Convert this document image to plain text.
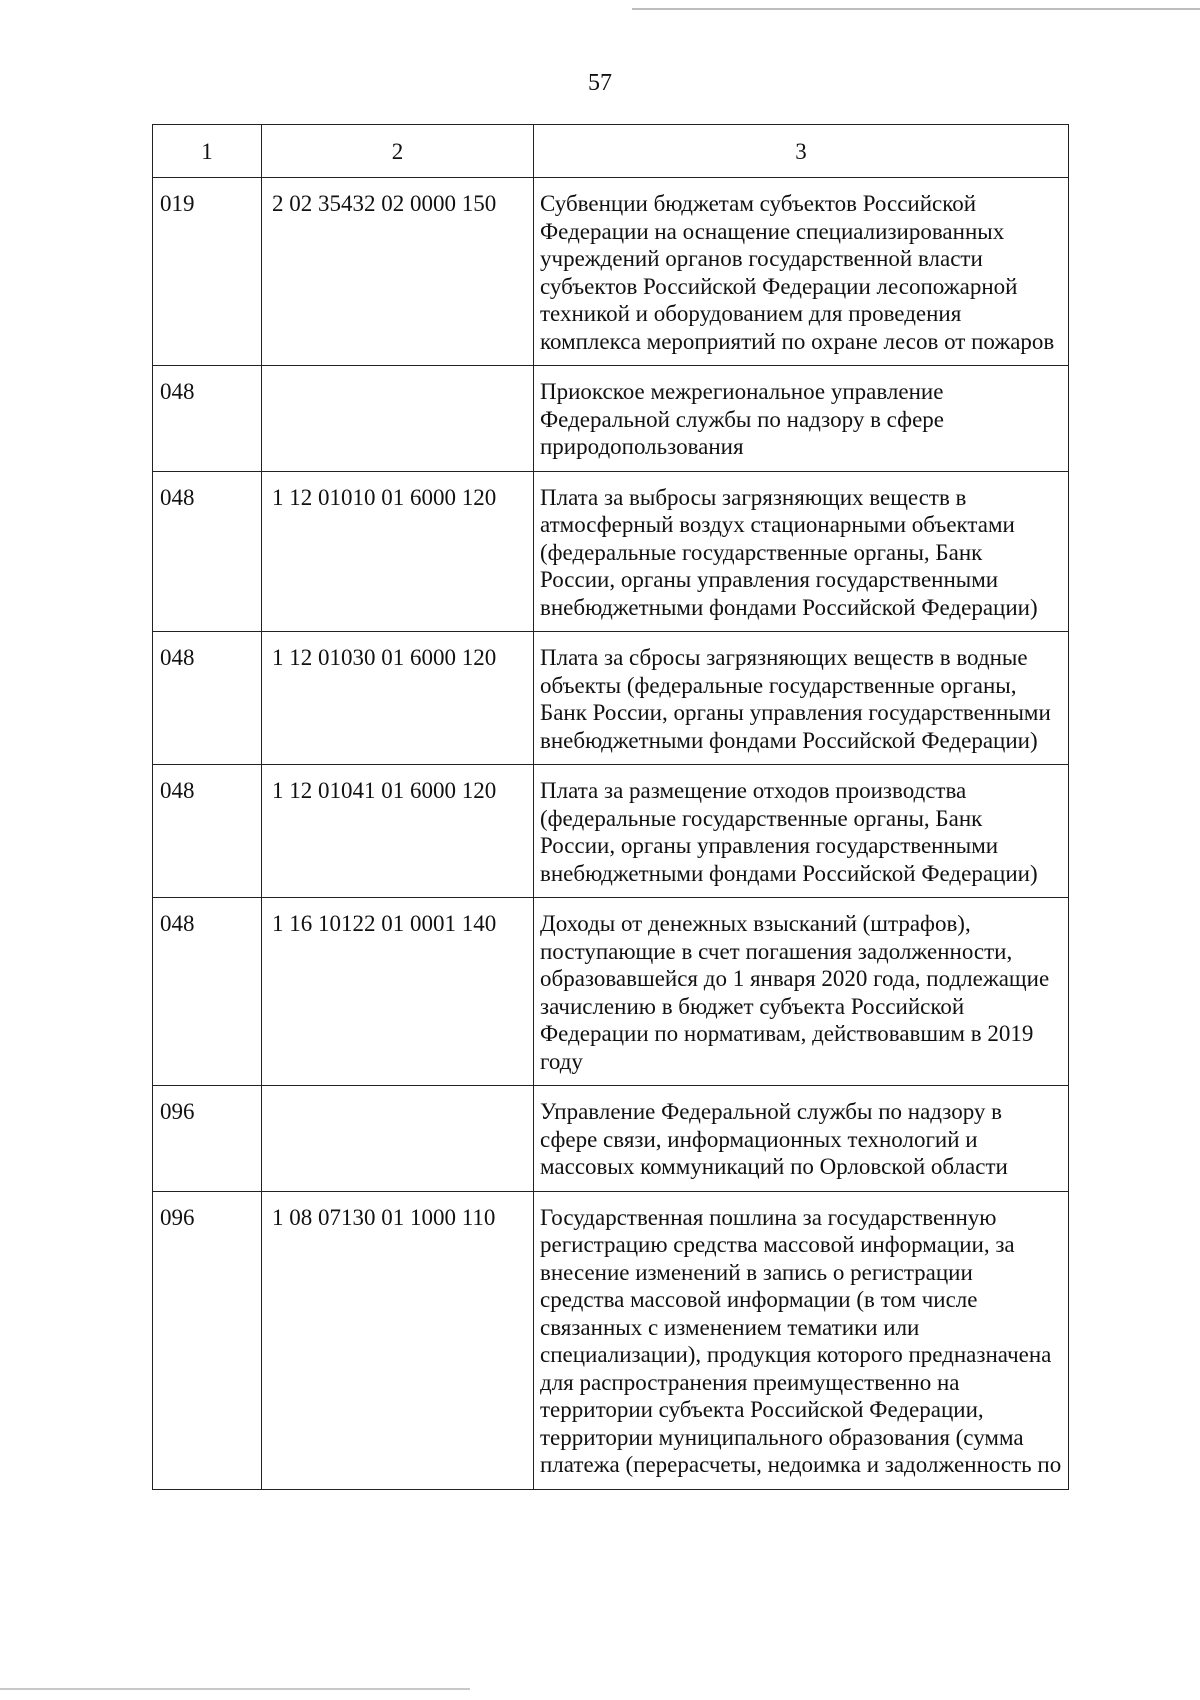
57
1	2	3
019	2 02 35432 02 0000 150	Субвенции бюджетам субъектов Российской Федерации на оснащение специализированных учреждений органов государственной власти субъектов Российской Федерации лесопожарной техникой и оборудованием для проведения комплекса мероприятий по охране лесов от пожаров
048		Приокское межрегиональное управление Федеральной службы по надзору в сфере природопользования
048	1 12 01010 01 6000 120	Плата за выбросы загрязняющих веществ в атмосферный воздух стационарными объектами (федеральные государственные органы, Банк России, органы управления государственными внебюджетными фондами Российской Федерации)
048	1 12 01030 01 6000 120	Плата за сбросы загрязняющих веществ в водные объекты (федеральные государственные органы, Банк России, органы управления государственными внебюджетными фондами Российской Федерации)
048	1 12 01041 01 6000 120	Плата за размещение отходов производства (федеральные государственные органы, Банк России, органы управления государственными внебюджетными фондами Российской Федерации)
048	1 16 10122 01 0001 140	Доходы от денежных взысканий (штрафов), поступающие в счет погашения задолженности, образовавшейся до 1 января 2020 года, подлежащие зачислению в бюджет субъекта Российской Федерации по нормативам, действовавшим в 2019 году
096		Управление Федеральной службы по надзору в сфере связи, информационных технологий и массовых коммуникаций по Орловской области
096	1 08 07130 01 1000 110	Государственная пошлина за государственную регистрацию средства массовой информации, за внесение изменений в запись о регистрации средства массовой информации (в том числе связанных с изменением тематики или специализации), продукция которого предназначена для распространения преимущественно на территории субъекта Российской Федерации, территории муниципального образования (сумма платежа (перерасчеты, недоимка и задолженность по
